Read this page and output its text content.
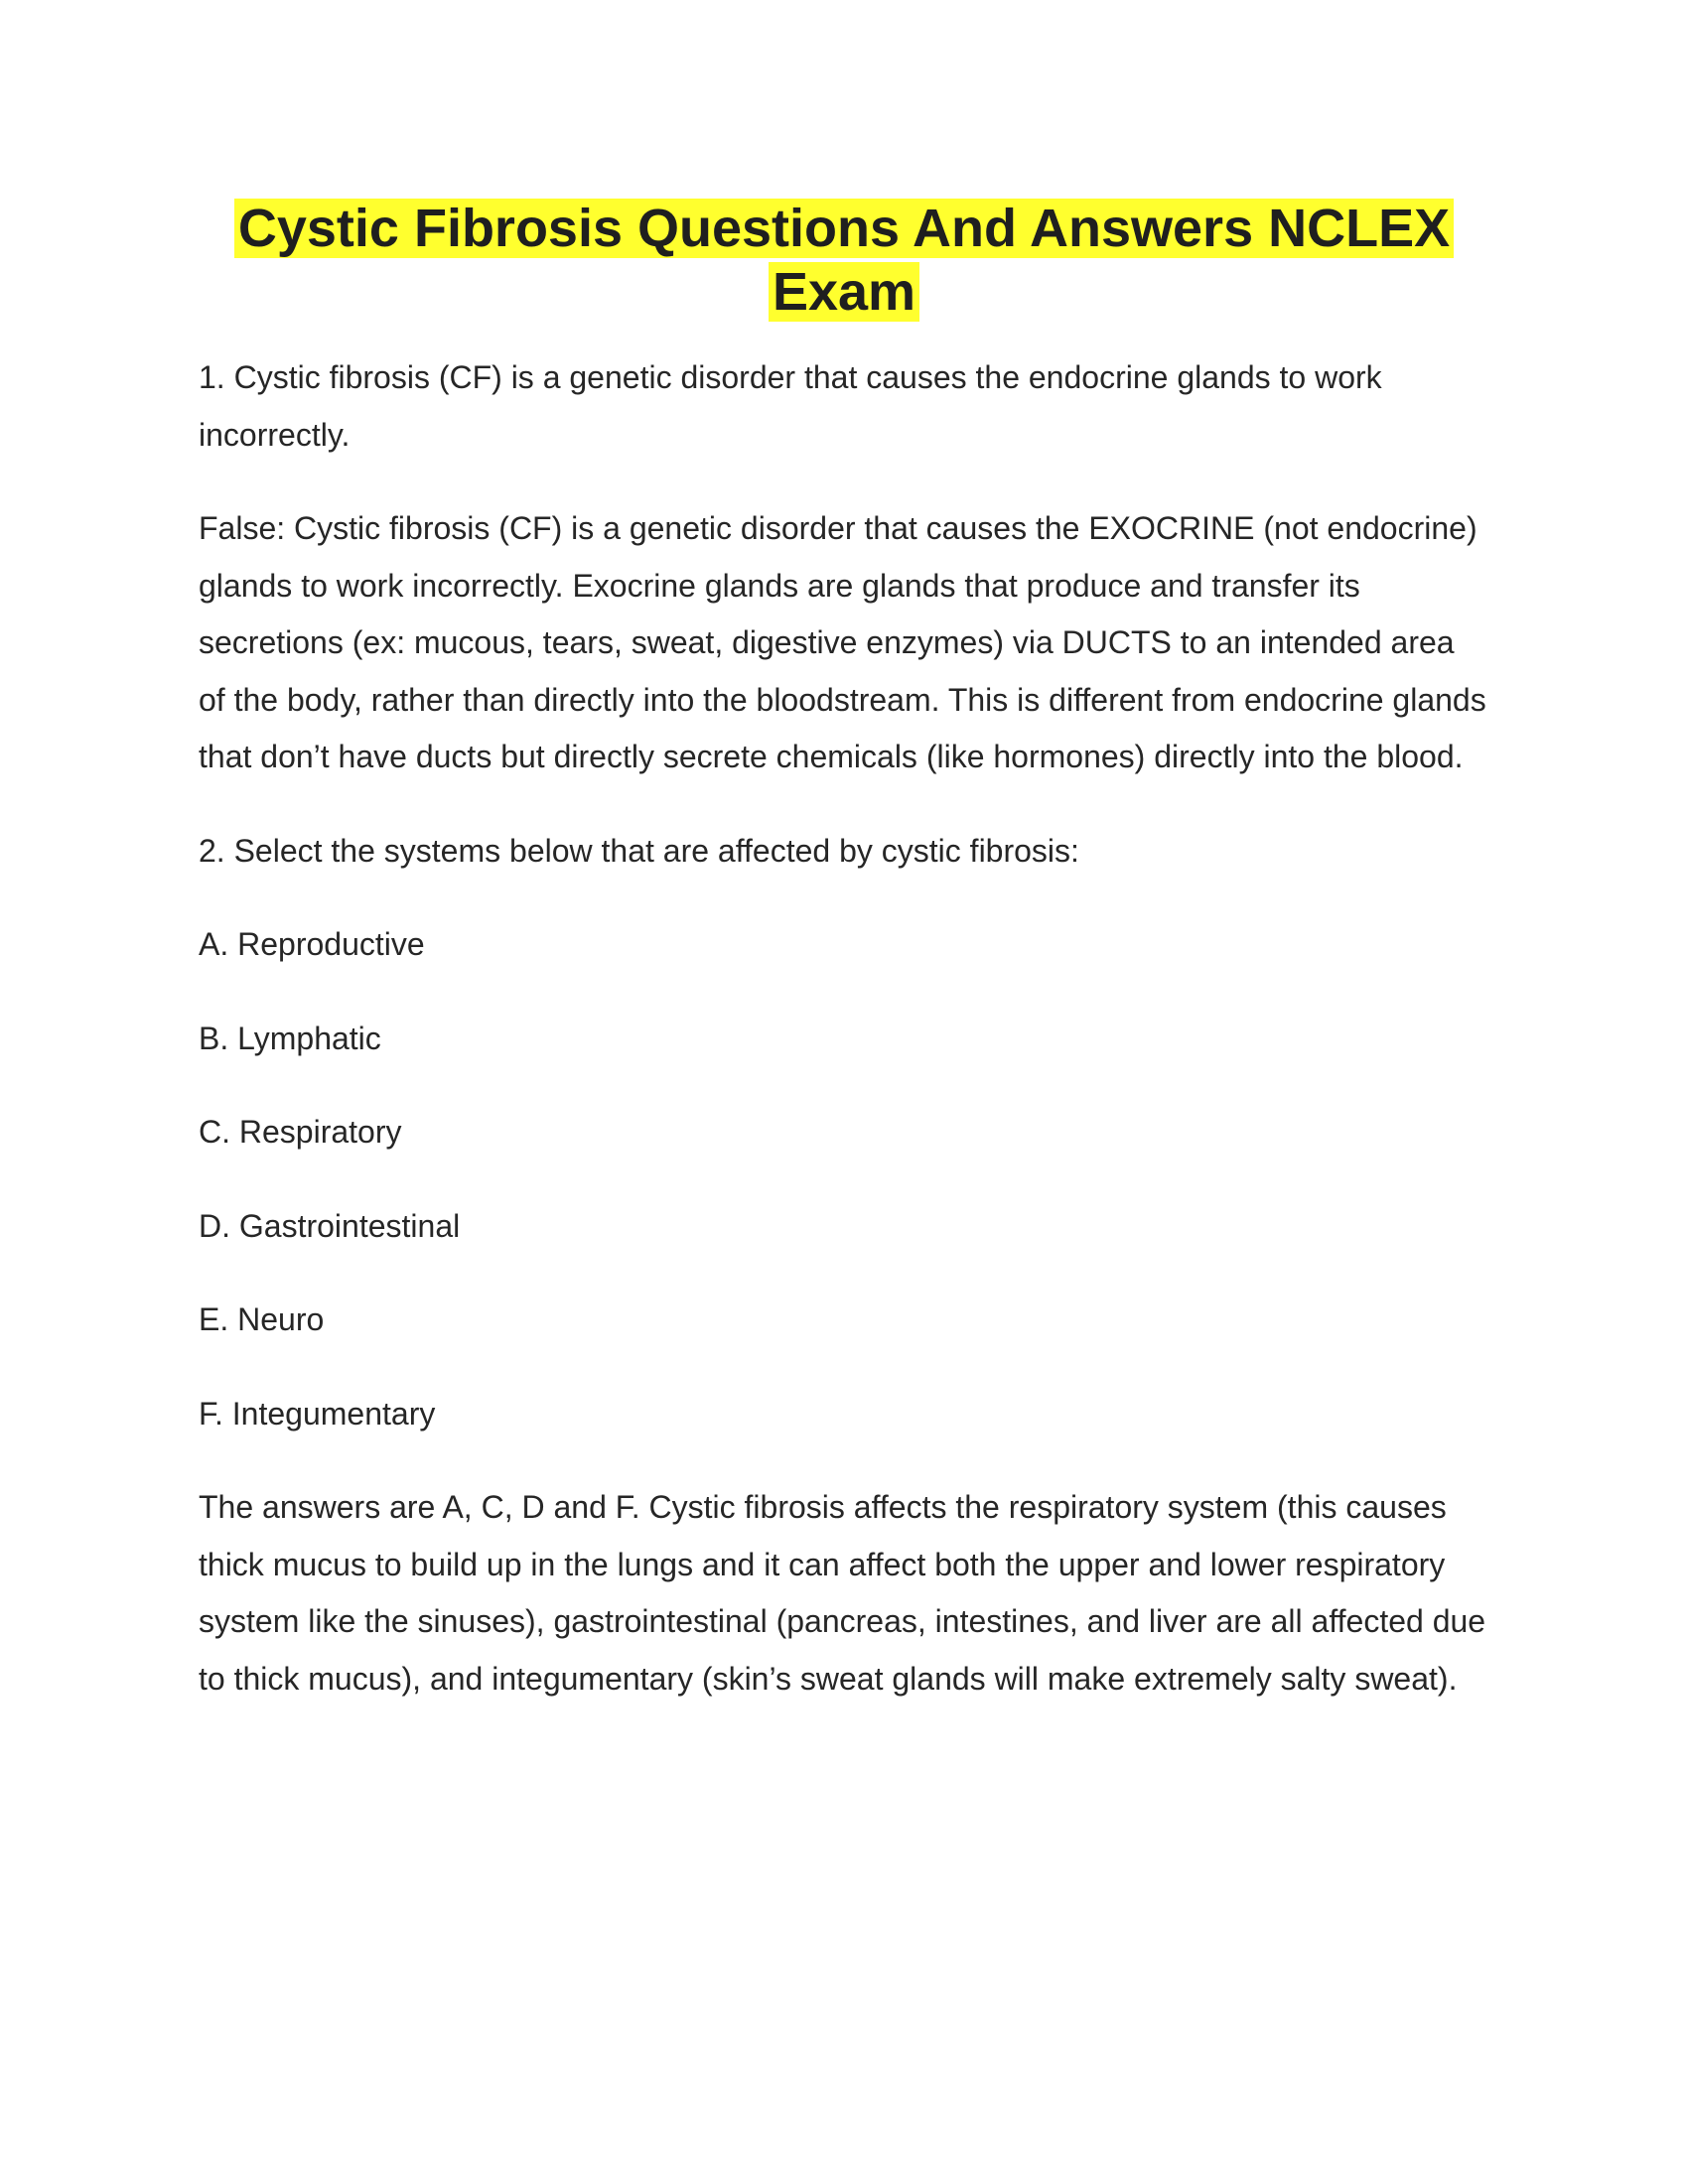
Cystic Fibrosis Questions And Answers NCLEX
Exam

1. Cystic fibrosis (CF) is a genetic disorder that causes the endocrine glands to work incorrectly.

False: Cystic fibrosis (CF) is a genetic disorder that causes the EXOCRINE (not endocrine) glands to work incorrectly. Exocrine glands are glands that produce and transfer its secretions (ex: mucous, tears, sweat, digestive enzymes) via DUCTS to an intended area of the body, rather than directly into the bloodstream. This is different from endocrine glands that don’t have ducts but directly secrete chemicals (like hormones) directly into the blood.

2. Select the systems below that are affected by cystic fibrosis:

A. Reproductive

B. Lymphatic

C. Respiratory

D. Gastrointestinal

E. Neuro

F. Integumentary

The answers are A, C, D and F. Cystic fibrosis affects the respiratory system (this causes thick mucus to build up in the lungs and it can affect both the upper and lower respiratory system like the sinuses), gastrointestinal (pancreas, intestines, and liver are all affected due to thick mucus), and integumentary (skin’s sweat glands will make extremely salty sweat).
